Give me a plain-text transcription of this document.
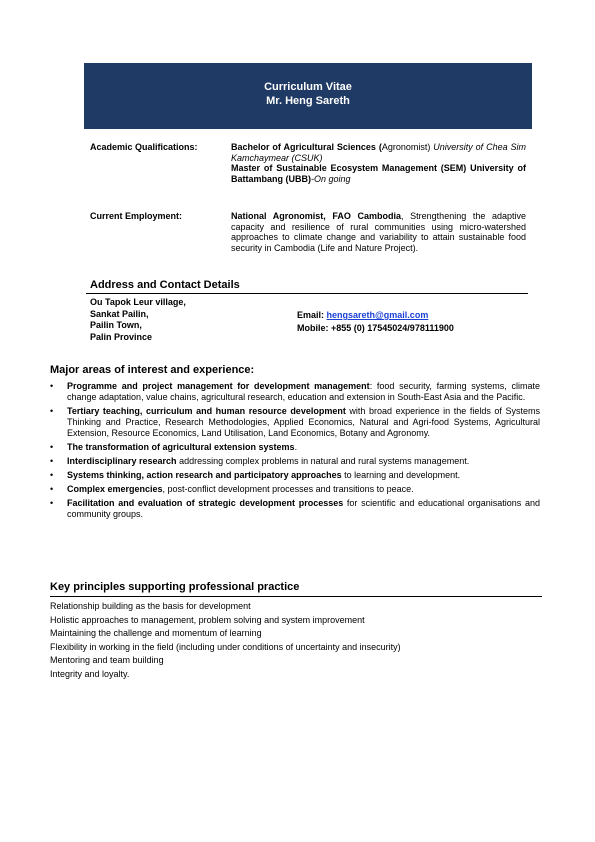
Curriculum Vitae
Mr. Heng Sareth
Academic Qualifications:	Bachelor of Agricultural Sciences (Agronomist) University of Chea Sim Kamchaymear (CSUK)
Master of Sustainable Ecosystem Management (SEM) University of Battambang (UBB)-On going
Current Employment:	National Agronomist, FAO Cambodia, Strengthening the adaptive capacity and resilience of rural communities using micro-watershed approaches to climate change and variability to attain sustainable food security in Cambodia (Life and Nature Project).
Address and Contact Details
Ou Tapok Leur village,
Sankat Pailin,
Pailin Town,
Palin Province
Email: hengsareth@gmail.com
Mobile: +855 (0) 17545024/978111900
Major areas of interest and experience:
• Programme and project management for development management: food security, farming systems, climate change adaptation, value chains, agricultural research, education and extension in South-East Asia and the Pacific.
• Tertiary teaching, curriculum and human resource development with broad experience in the fields of Systems Thinking and Practice, Research Methodologies, Applied Economics, Natural and Agri-food Systems, Agricultural Extension, Resource Economics, Land Utilisation, Land Economics, Botany and Agronomy.
• The transformation of agricultural extension systems.
• Interdisciplinary research addressing complex problems in natural and rural systems management.
• Systems thinking, action research and participatory approaches to learning and development.
• Complex emergencies, post-conflict development processes and transitions to peace.
• Facilitation and evaluation of strategic development processes for scientific and educational organisations and community groups.
Key principles supporting professional practice
Relationship building as the basis for development
Holistic approaches to management, problem solving and system improvement
Maintaining the challenge and momentum of learning
Flexibility in working in the field (including under conditions of uncertainty and insecurity)
Mentoring and team building
Integrity and loyalty.
